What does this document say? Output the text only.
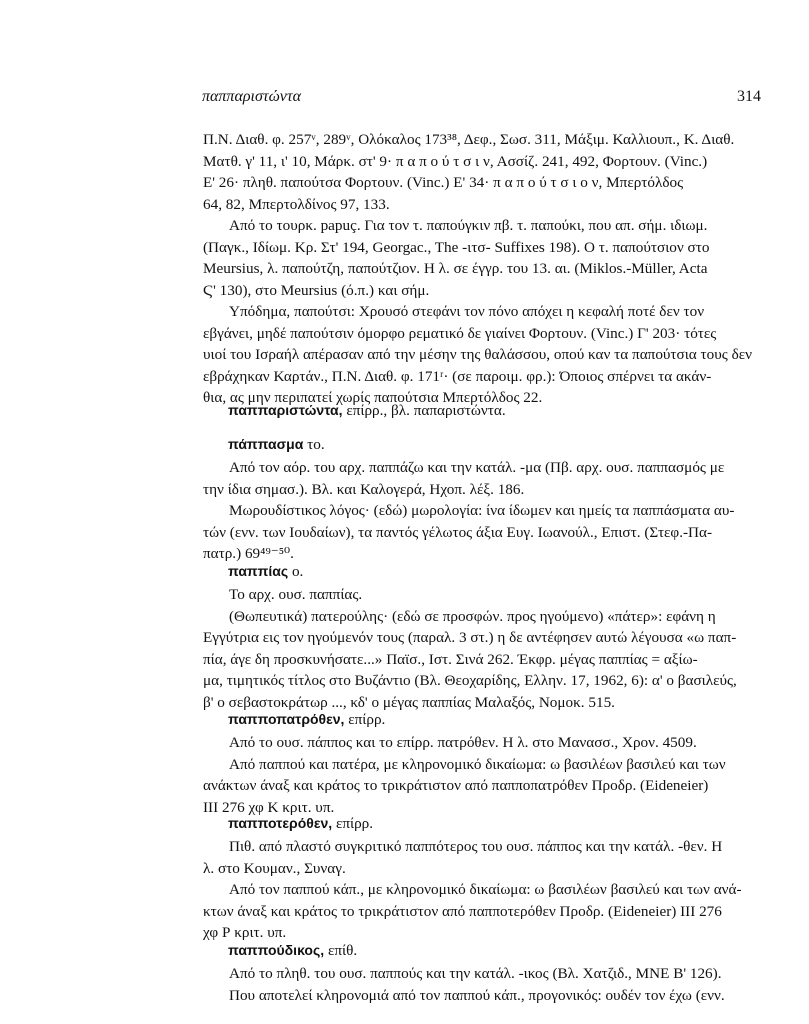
παππαριστώντα	314
Π.Ν. Διαθ. φ. 257ᵛ, 289ᵛ, Ολόκαλος 173³⁸, Δεφ., Σωσ. 311, Μάξιμ. Καλλιουπ., Κ. Διαθ.
Ματθ. γ' 11, ι' 10, Μάρκ. στ' 9· π α π ο ύ τ σ ι ν, Ασσίζ. 241, 492, Φορτουν. (Vinc.)
Ε' 26· πληθ. παπούτσα Φορτουν. (Vinc.) Ε' 34· π α π ο ύ τ σ ι ο ν, Μπερτόλδος
64, 82, Μπερτολδίνος 97, 133.
Από το τουρκ. papuç. Για τον τ. παπούγκιν πβ. τ. παπούκι, που απ. σήμ. ιδιωμ.
(Παγκ., Ιδίωμ. Κρ. Στ' 194, Georgac., The -ιτσ- Suffixes 198). Ο τ. παπούτσιον στο
Meursius, λ. παπούτζη, παπούτζιον. Η λ. σε έγγρ. του 13. αι. (Miklos.-Müller, Acta
Ϛ' 130), στο Meursius (ό.π.) και σήμ.
Υπόδημα, παπούτσι: Χρουσό στεφάνι τον πόνο απόχει η κεφαλή ποτέ δεν τον
εβγάνει, μηδέ παπούτσιν όμορφο ρεματικό δε γιαίνει Φορτουν. (Vinc.) Γ' 203· τότες
υιοί του Ισραήλ απέρασαν από την μέσην της θαλάσσου, οπού καν τα παπούτσια τους δεν
εβράχηκαν Καρτάν., Π.Ν. Διαθ. φ. 171ʳ· (σε παροιμ. φρ.): Όποιος σπέρνει τα ακάν-
θια, ας μην περιπατεί χωρίς παπούτσια Μπερτόλδος 22.
παππαριστώντα, επίρρ., βλ. παπαριστώντα.
πάππασμα το.
Από τον αόρ. του αρχ. παππάζω και την κατάλ. -μα (Πβ. αρχ. ουσ. παππασμός με
την ίδια σημασ.). Βλ. και Καλογερά, Ηχοπ. λέξ. 186.
Μωρουδίστικος λόγος· (εδώ) μωρολογία: ίνα ίδωμεν και ημείς τα παππάσματα αυ-
τών (ενν. των Ιουδαίων), τα παντός γέλωτος άξια Ευγ. Ιωανούλ., Επιστ. (Στεφ.-Πα-
πατρ.) 69⁴⁹⁻⁵⁰.
παππίας ο.
Το αρχ. ουσ. παππίας.
(Θωπευτικά) πατερούλης· (εδώ σε προσφών. προς ηγούμενο) «πάτερ»: εφάνη η
Εγγύτρια εις τον ηγούμενόν τους (παραλ. 3 στ.) η δε αντέφησεν αυτώ λέγουσα «ω παπ-
πία, άγε δη προσκυνήσατε...» Παϊσ., Ιστ. Σινά 262. Έκφρ. μέγας παππίας = αξίω-
μα, τιμητικός τίτλος στο Βυζάντιο (Βλ. Θεοχαρίδης, Ελλην. 17, 1962, 6): α' ο βασιλεύς,
β' ο σεβαστοκράτωρ ..., κδ' ο μέγας παππίας Μαλαξός, Νομοκ. 515.
παπποπατρόθεν, επίρρ.
Από το ουσ. πάππος και το επίρρ. πατρόθεν. Η λ. στο Μανασσ., Χρον. 4509.
Από παππού και πατέρα, με κληρονομικό δικαίωμα: ω βασιλέων βασιλεύ και των
ανάκτων άναξ και κράτος το τρικράτιστον από παπποπατρόθεν Προδρ. (Eideneier)
III 276 χφ Κ κριτ. υπ.
παπποτερόθεν, επίρρ.
Πιθ. από πλαστό συγκριτικό παππότερος του ουσ. πάππος και την κατάλ. -θεν. Η
λ. στο Κουμαν., Συναγ.
Από τον παππού κάπ., με κληρονομικό δικαίωμα: ω βασιλέων βασιλεύ και των ανά-
κτων άναξ και κράτος το τρικράτιστον από παπποτερόθεν Προδρ. (Eideneier) III 276
χφ Ρ κριτ. υπ.
παππούδικος, επίθ.
Από το πληθ. του ουσ. παππούς και την κατάλ. -ικος (Βλ. Χατζιδ., ΜΝΕ Β' 126).
Που αποτελεί κληρονομιά από τον παππού κάπ., προγονικός: ουδέν τον έχω (ενν.
